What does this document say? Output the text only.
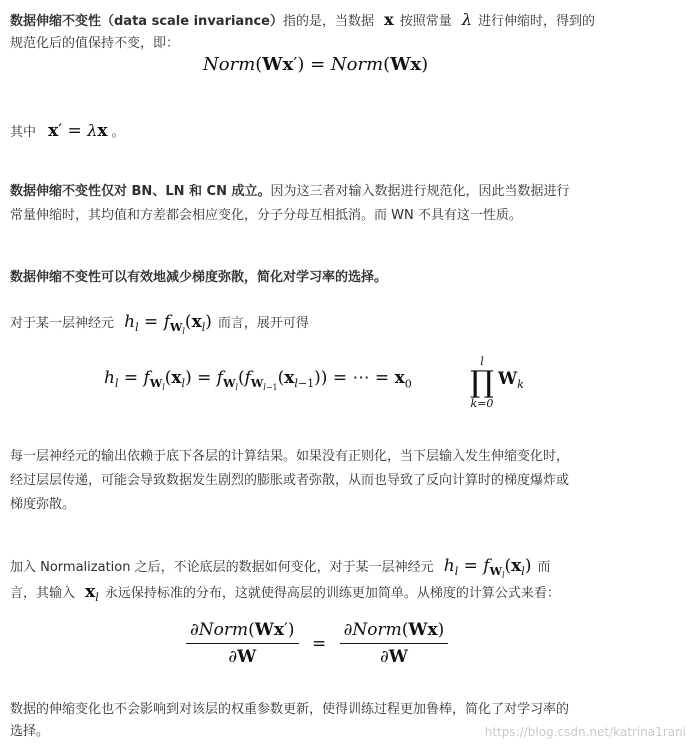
数据伸缩不变性（data scale invariance）指的是，当数据 x 按照常量 λ 进行伸缩时，得到的
规范化后的值保持不变，即：
Norm(Wx′) = Norm(Wx)
其中 x′ = λx 。
数据伸缩不变性仅对 BN、LN 和 CN 成立。因为这三者对输入数据进行规范化，因此当数据进行
常量伸缩时，其均值和方差都会相应变化，分子分母互相抵消。而 WN 不具有这一性质。
数据伸缩不变性可以有效地减少梯度弥散，简化对学习率的选择。
对于某一层神经元 $h_l = f_{W_l}(x_l)$ 而言，展开可得
$h_l = f_{W_l}(x_l) = f_{W_l}(f_{W_{l-1}}(x_{l-1}))$ = ⋯ = $x_0$
l
∏
k=0
$W_k$
每一层神经元的输出依赖于底下各层的计算结果。如果没有正则化，当下层输入发生伸缩变化时，
经过层层传递，可能会导致数据发生剧烈的膨胀或者弥散，从而也导致了反向计算时的梯度爆炸或
梯度弥散。
加入 Normalization 之后，不论底层的数据如何变化，对于某一层神经元 $h_l = f_{W_l}(x_l)$ 而
言，其输入 $x_l$ 永远保持标准的分布，这就使得高层的训练更加简单。从梯度的计算公式来看：
$\frac{\text{∂Norm(Wx′)}}{\partial W} = \frac{\text{∂Norm(Wx)}}{\partial W}$
数据的伸缩变化也不会影响到对该层的权重参数更新，使得训练过程更加鲁棒，简化了对学习率的
选择。	https://blog.csdn.net/katrina1rani
